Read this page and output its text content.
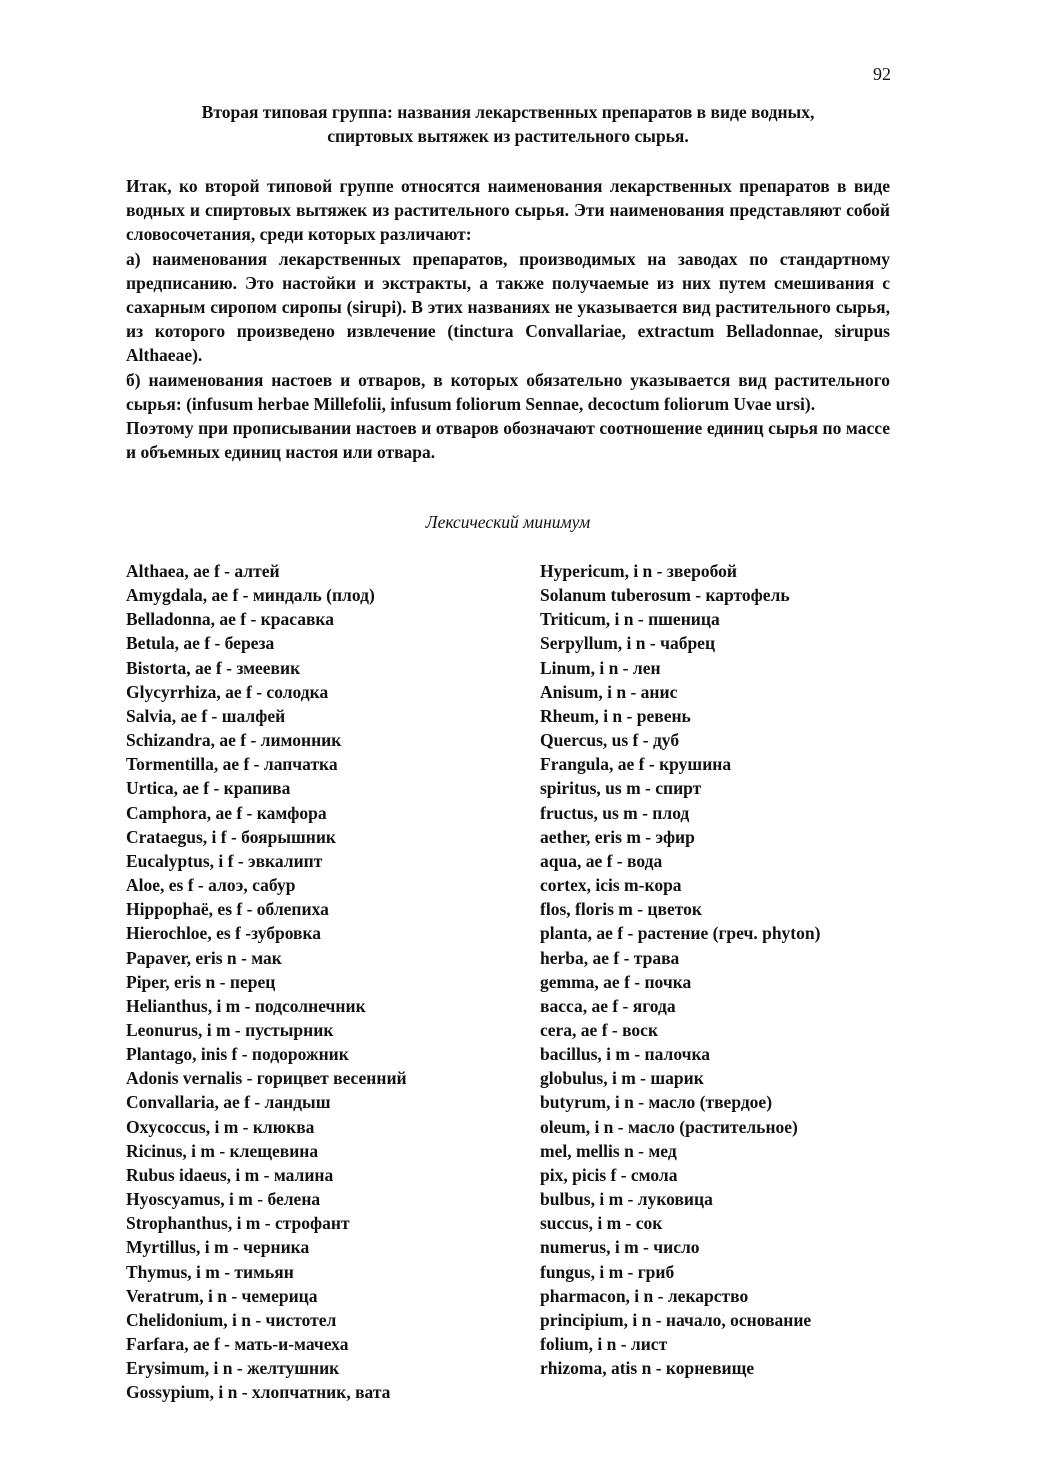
92
Вторая типовая группа: названия лекарственных препаратов в виде водных,
спиртовых вытяжек из растительного сырья.

Итак, ко второй типовой группе относятся наименования лекарственных препаратов в виде водных и спиртовых вытяжек из растительного сырья. Эти наименования представляют собой словосочетания, среди которых различают:

а) наименования лекарственных препаратов, производимых на заводах по стандартному предписанию. Это настойки и экстракты, а также получаемые из них путем смешивания с сахарным сиропом сиропы (sirupi). В этих названиях не указывается вид растительного сырья, из которого произведено извлечение (tinctura Convallariae, extractum Belladonnae, sirupus Althaeae).

б) наименования настоев и отваров, в которых обязательно указывается вид растительного сырья: (infusum herbae Millefolii, infusum foliorum Sennae, decoctum foliorum Uvae ursi).

Поэтому при прописывании настоев и отваров обозначают соотношение единиц сырья по массе и объемных единиц настоя или отвара.

Лексический минимум
Althaea, ae f - алтей
Amygdala, ae f - миндаль (плод)
Belladonna, ae f - красавка
Betula, ae f - береза
Bistorta, ae f - змеевик
Glycyrrhiza, ae f - солодка
Salvia, ae f - шалфей
Schizandra, ae f - лимонник
Tormentilla, ae f - лапчатка
Urtica, ae f - крапива
Camphora, ae f - камфора
Crataegus, i f - боярышник
Eucalyptus, i f - эвкалипт
Aloe, es f - алоэ, сабур
Hippophaë, es f - облепиха
Hierochloe, es f -зубровка
Papaver, eris n - мак
Piper, eris n - перец
Helianthus, i m - подсолнечник
Leonurus, i m - пустырник
Plantago, inis f - подорожник
Adonis vernalis - горицвет весенний
Convallaria, ae f - ландыш
Oxycoccus, i m - клюква
Ricinus, i m - клещевина
Rubus idaeus, i m - малина
Hyoscyamus, i m - белена
Strophanthus, i m - строфант
Myrtillus, i m - черника
Thymus, i m - тимьян
Veratrum, i n - чемерица
Chelidonium, i n - чистотел
Farfara, ae f - мать-и-мачеха
Erysimum, i n - желтушник
Gossypium, i n - хлопчатник, вата
Hypericum, i n - зверобой
Solanum tuberosum - картофель
Triticum, i n - пшеница
Serpyllum, i n - чабрец
Linum, i n - лен
Anisum, i n - анис
Rheum, i n - ревень
Quercus, us f - дуб
Frangula, ae f - крушина
spiritus, us m - спирт
fructus, us m - плод
aether, eris m - эфир
aqua, ae f - вода
cortex, icis m-кора
flos, floris m - цветок
planta, ae f - растение (греч. phyton)
herba, ae f - трава
gemma, ae f - почка
васса, ae f - ягода
cera, ae f - воск
bacillus, i m - палочка
globulus, i m - шарик
butyrum, i n - масло (твердое)
oleum, i n - масло (растительное)
mel, mellis n - мед
pix, picis f - смола
bulbus, i m - луковица
succus, i m - сок
numerus, i m - число
fungus, i m - гриб
pharmacon, i n - лекарство
principium, i n - начало, основание
folium, i n - лист
rhizoma, atis n - корневище
